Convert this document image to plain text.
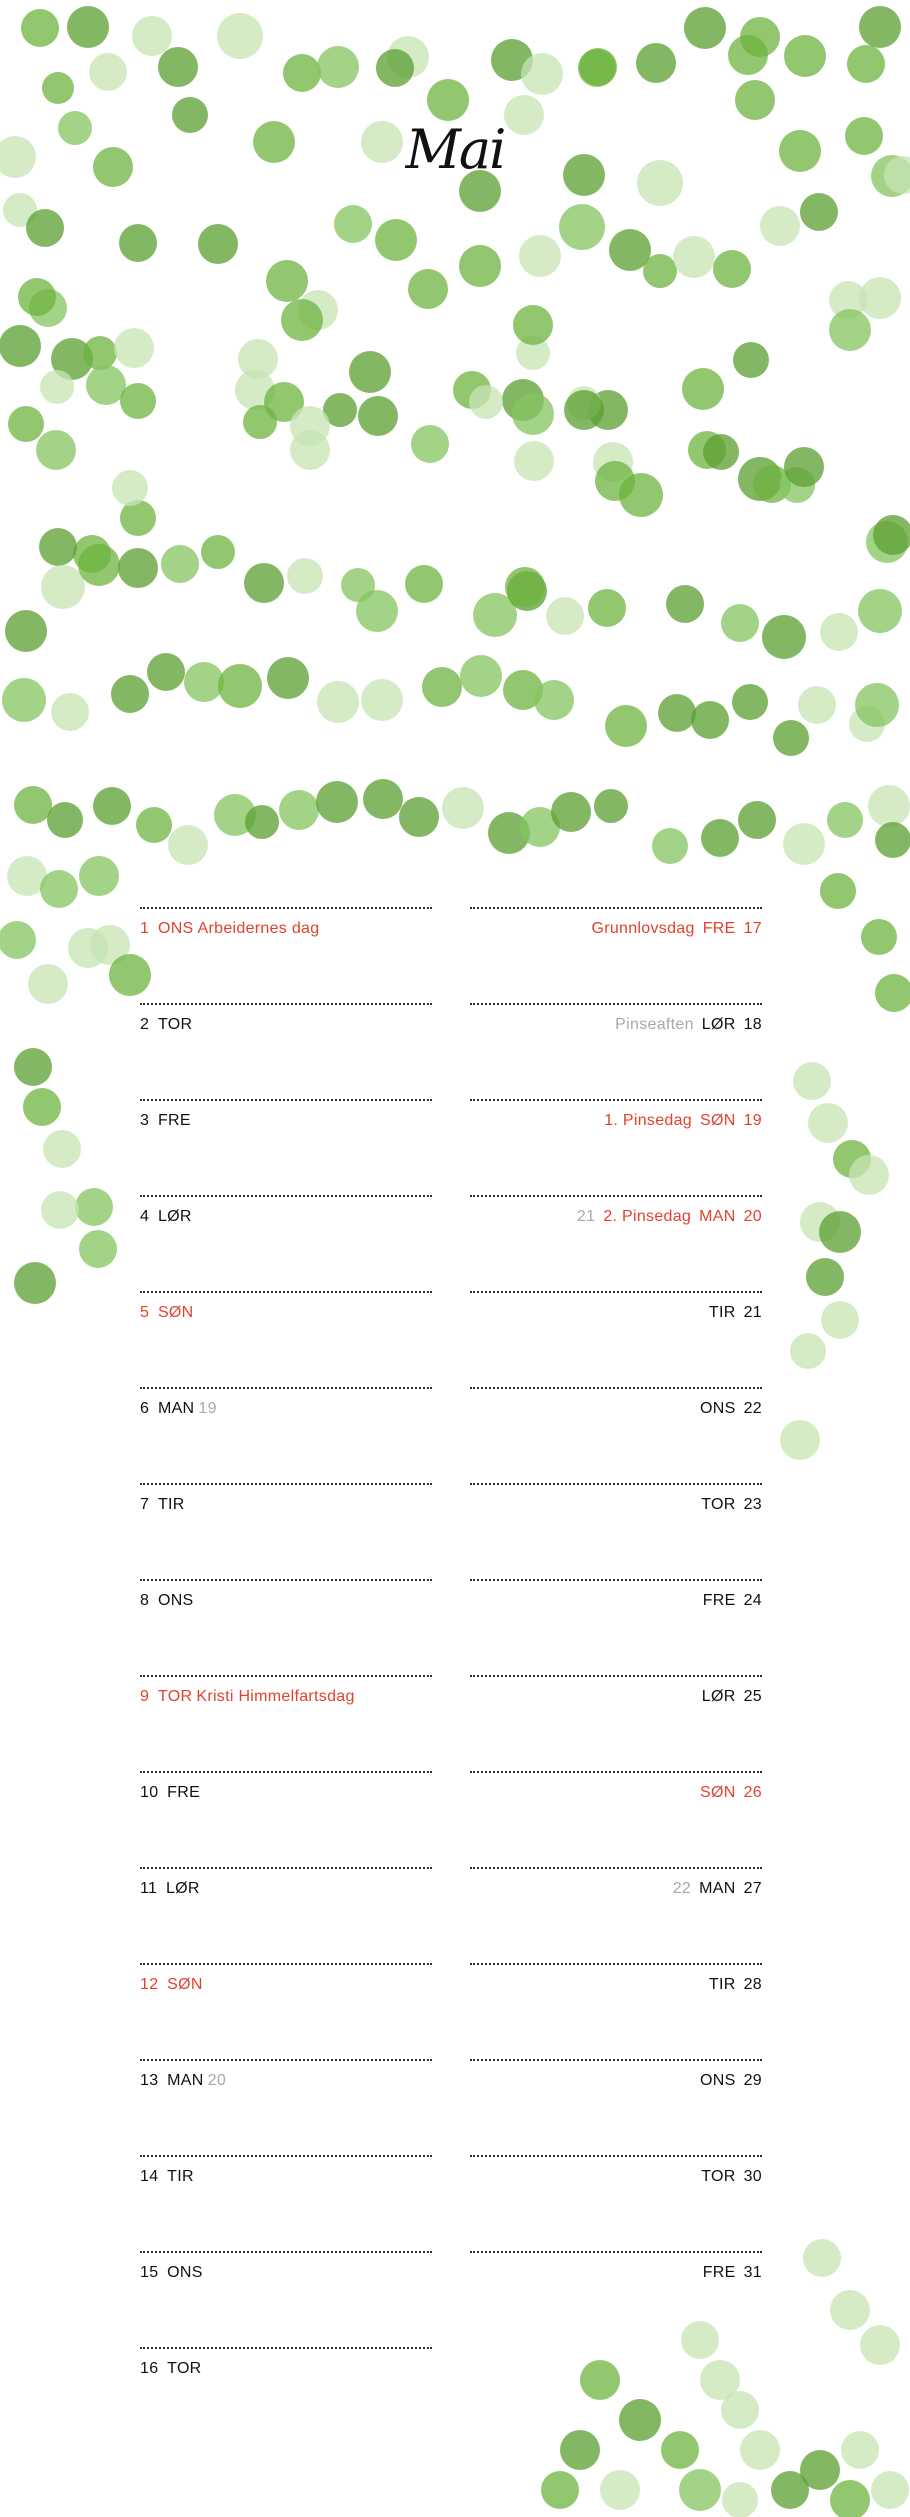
Mai
1 ONS Arbeidernes dag
2 TOR
3 FRE
4 LØR
5 SØN
6 MAN 19
7 TIR
8 ONS
9 TOR Kristi Himmelfartsdag
10 FRE
11 LØR
12 SØN
13 MAN 20
14 TIR
15 ONS
16 TOR
Grunnlovsdag FRE 17
Pinseaften LØR 18
1. Pinsedag SØN 19
21 2. Pinsedag MAN 20
TIR 21
ONS 22
TOR 23
FRE 24
LØR 25
SØN 26
22 MAN 27
TIR 28
ONS 29
TOR 30
FRE 31
